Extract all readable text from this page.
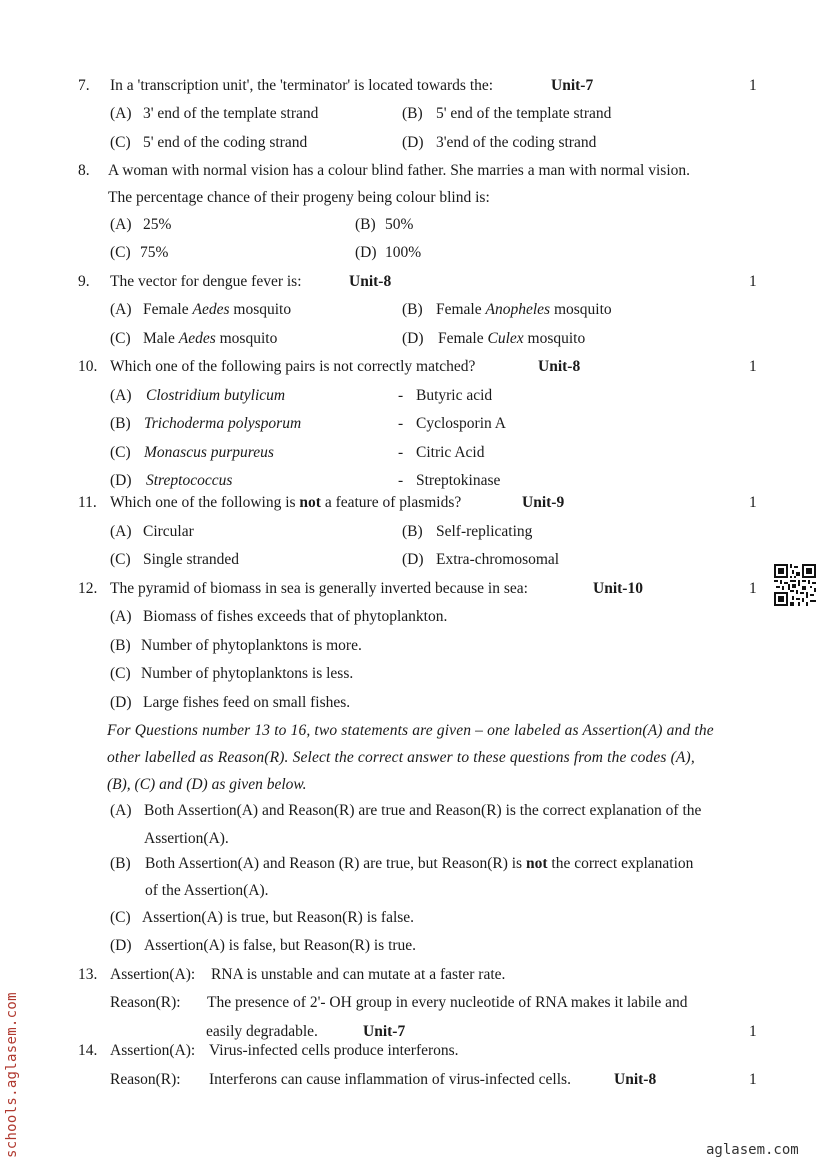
7. In a 'transcription unit', the 'terminator' is located towards the:	Unit-7	1
(A) 3' end of the template strand	(B) 5' end of the template strand
(C) 5' end of the coding strand	(D) 3'end of the coding strand
8. A woman with normal vision has a colour blind father. She marries a man with normal vision.
The percentage chance of their progeny being colour blind is:
(A) 25%	(B) 50%
(C) 75%	(D) 100%
9. The vector for dengue fever is:	Unit-8	1
(A) Female Aedes mosquito	(B) Female Anopheles mosquito
(C) Male Aedes mosquito	(D) Female Culex mosquito
10. Which one of the following pairs is not correctly matched?	Unit-8	1
(A) Clostridium butylicum	- Butyric acid
(B) Trichoderma polysporum	- Cyclosporin A
(C) Monascus purpureus	- Citric Acid
(D) Streptococcus	- Streptokinase
11. Which one of the following is not a feature of plasmids?	Unit-9	1
(A) Circular	(B) Self-replicating
(C) Single stranded	(D) Extra-chromosomal
12. The pyramid of biomass in sea is generally inverted because in sea:	Unit-10	1
(A) Biomass of fishes exceeds that of phytoplankton.
(B) Number of phytoplanktons is more.
(C) Number of phytoplanktons is less.
(D) Large fishes feed on small fishes.
For Questions number 13 to 16, two statements are given – one labeled as Assertion(A) and the
other labelled as Reason(R). Select the correct answer to these questions from the codes (A),
(B), (C) and (D) as given below.
(A) Both Assertion(A) and Reason(R) are true and Reason(R) is the correct explanation of the
Assertion(A).
(B) Both Assertion(A) and Reason (R) are true, but Reason(R) is not the correct explanation
of the Assertion(A).
(C) Assertion(A) is true, but Reason(R) is false.
(D) Assertion(A) is false, but Reason(R) is true.
13. Assertion(A): RNA is unstable and can mutate at a faster rate.
Reason(R): The presence of 2'- OH group in every nucleotide of RNA makes it labile and
easily degradable.	Unit-7	1
14. Assertion(A): Virus-infected cells produce interferons.
Reason(R): Interferons can cause inflammation of virus-infected cells.	Unit-8	1
schools.aglasem.com	aglasem.com
